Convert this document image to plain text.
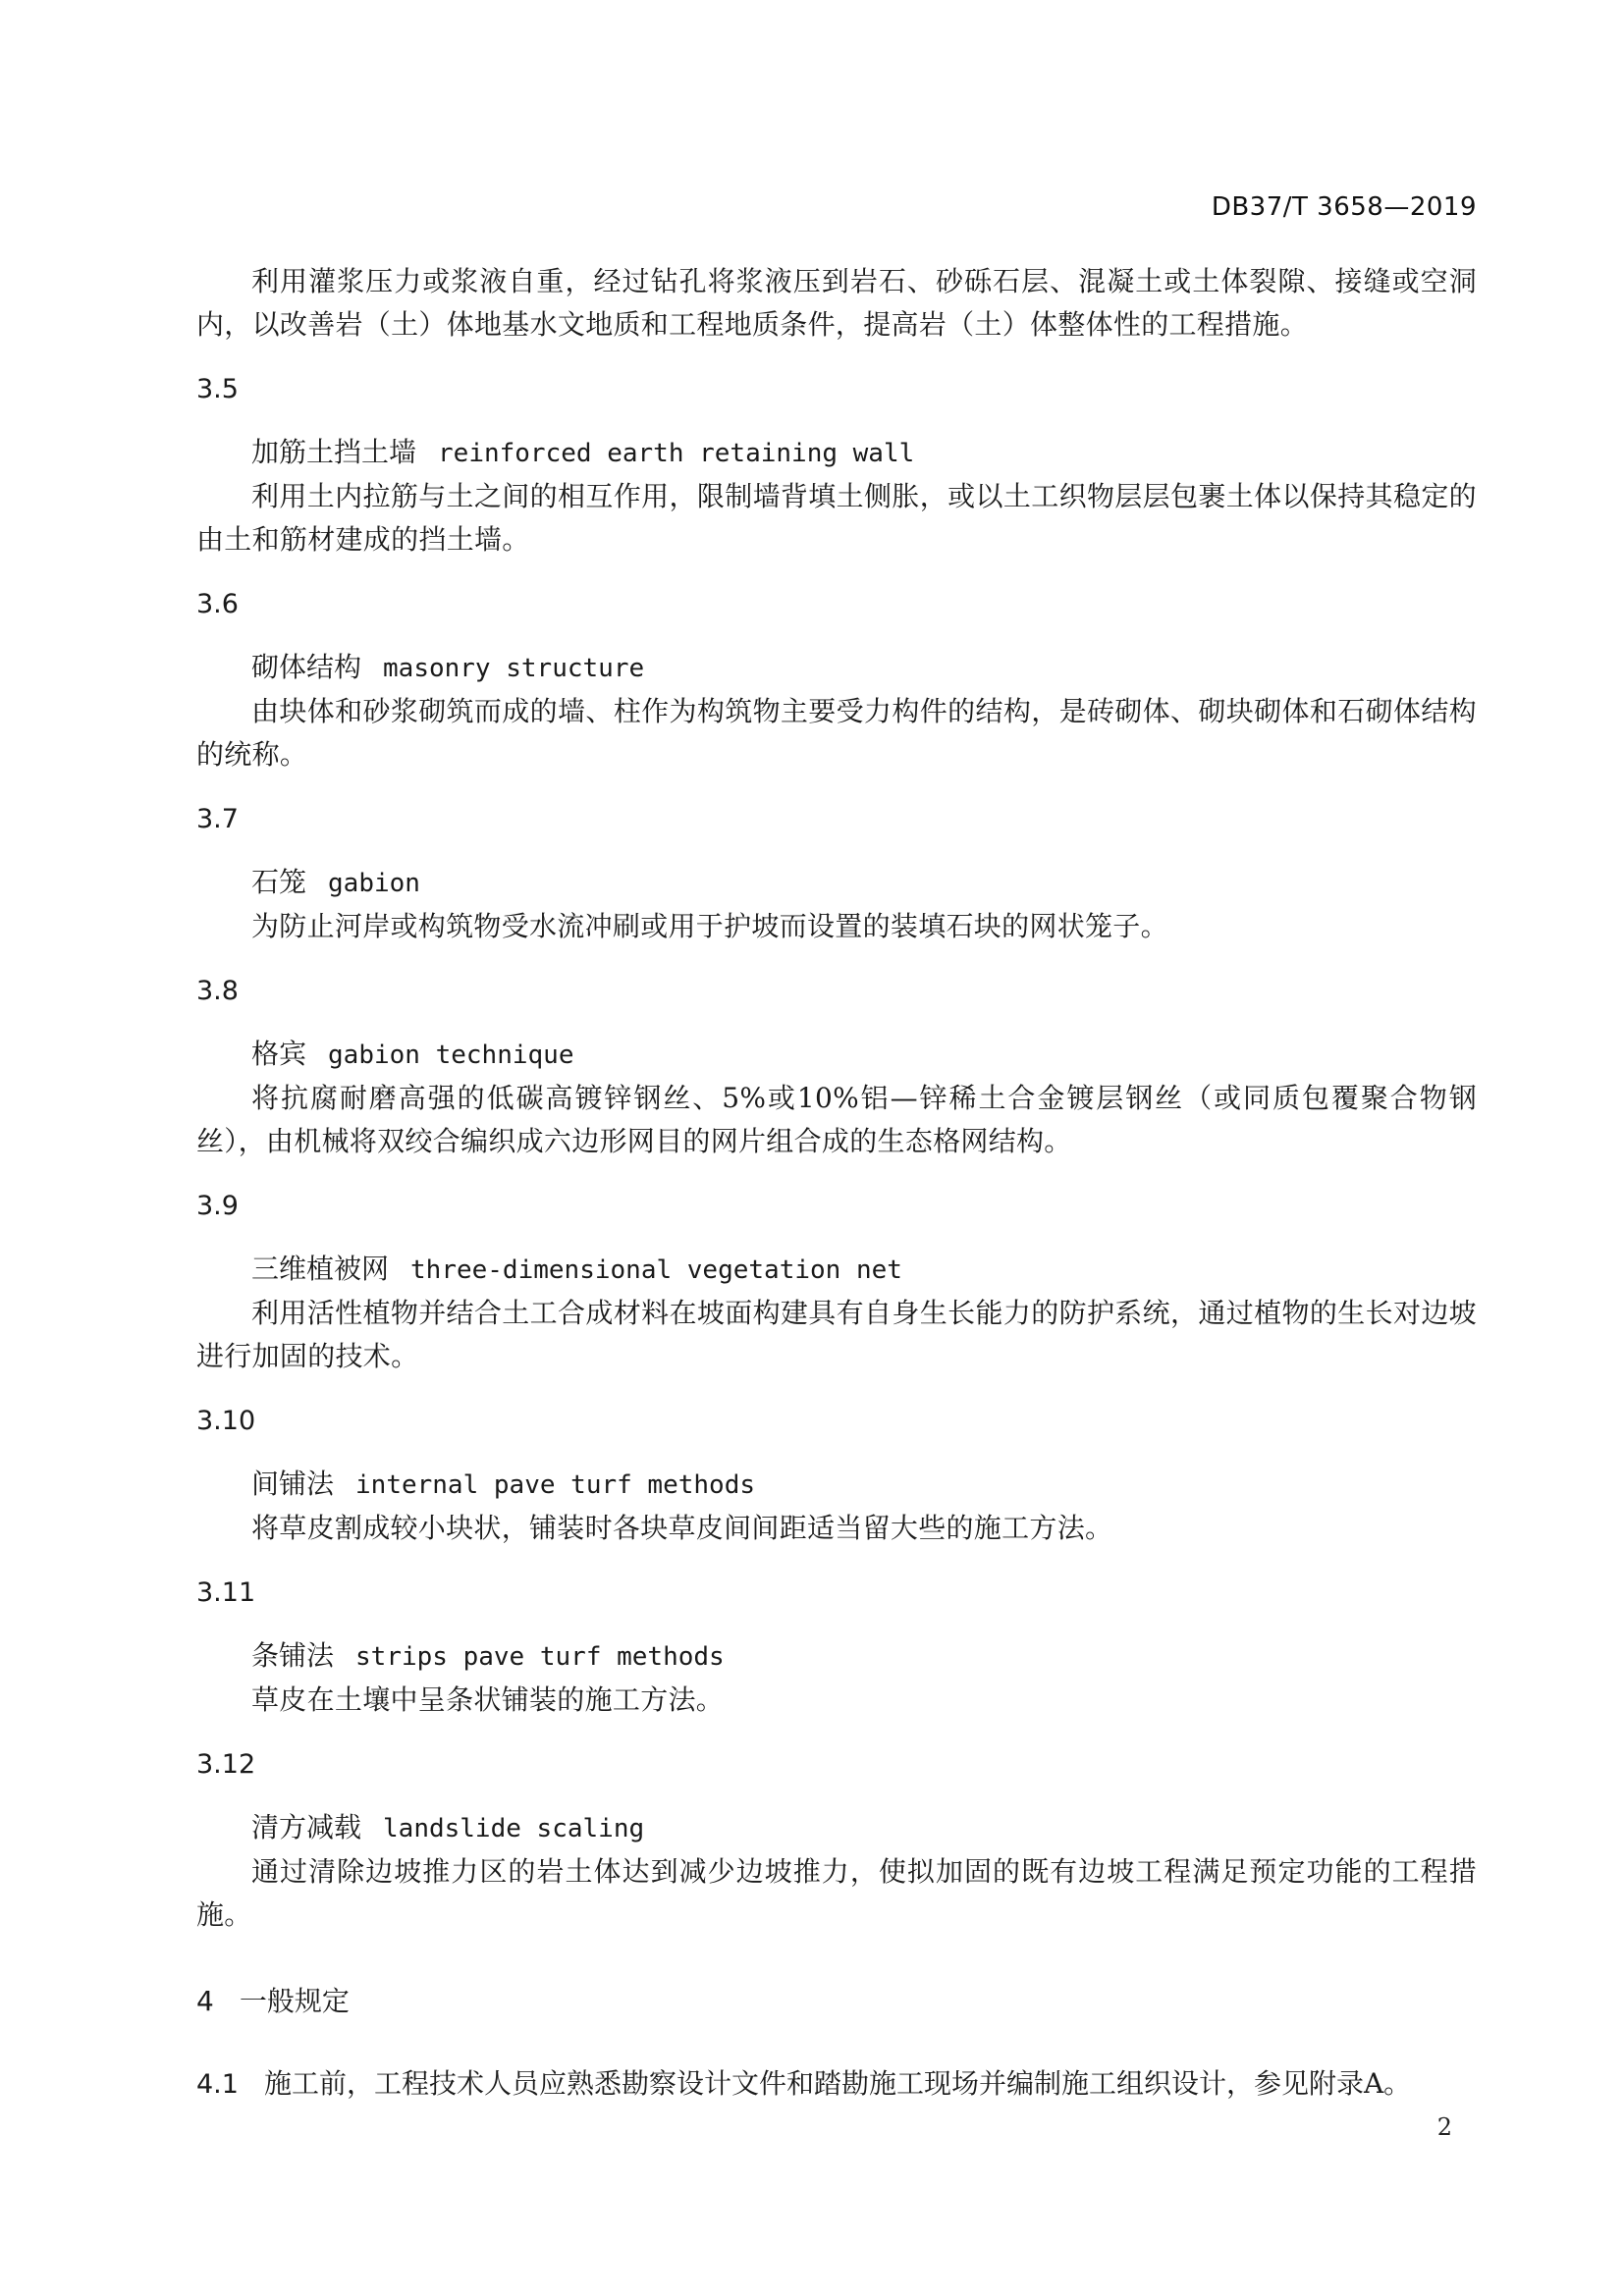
DB37/T 3658—2019

利用灌浆压力或浆液自重，经过钻孔将浆液压到岩石、砂砾石层、混凝土或土体裂隙、接缝或空洞内，以改善岩（土）体地基水文地质和工程地质条件，提高岩（土）体整体性的工程措施。

3.5

加筋土挡土墙 reinforced earth retaining wall

利用土内拉筋与土之间的相互作用，限制墙背填土侧胀，或以土工织物层层包裹土体以保持其稳定的由土和筋材建成的挡土墙。

3.6

砌体结构 masonry structure

由块体和砂浆砌筑而成的墙、柱作为构筑物主要受力构件的结构，是砖砌体、砌块砌体和石砌体结构的统称。

3.7

石笼 gabion

为防止河岸或构筑物受水流冲刷或用于护坡而设置的装填石块的网状笼子。

3.8

格宾 gabion technique

将抗腐耐磨高强的低碳高镀锌钢丝、5%或10%铝—锌稀土合金镀层钢丝（或同质包覆聚合物钢丝），由机械将双绞合编织成六边形网目的网片组合成的生态格网结构。

3.9

三维植被网 three-dimensional vegetation net

利用活性植物并结合土工合成材料在坡面构建具有自身生长能力的防护系统，通过植物的生长对边坡进行加固的技术。

3.10

间铺法 internal pave turf methods

将草皮割成较小块状，铺装时各块草皮间间距适当留大些的施工方法。

3.11

条铺法 strips pave turf methods

草皮在土壤中呈条状铺装的施工方法。

3.12

清方减载 landslide scaling

通过清除边坡推力区的岩土体达到减少边坡推力，使拟加固的既有边坡工程满足预定功能的工程措施。

4 一般规定

4.1 施工前，工程技术人员应熟悉勘察设计文件和踏勘施工现场并编制施工组织设计，参见附录A。

2
